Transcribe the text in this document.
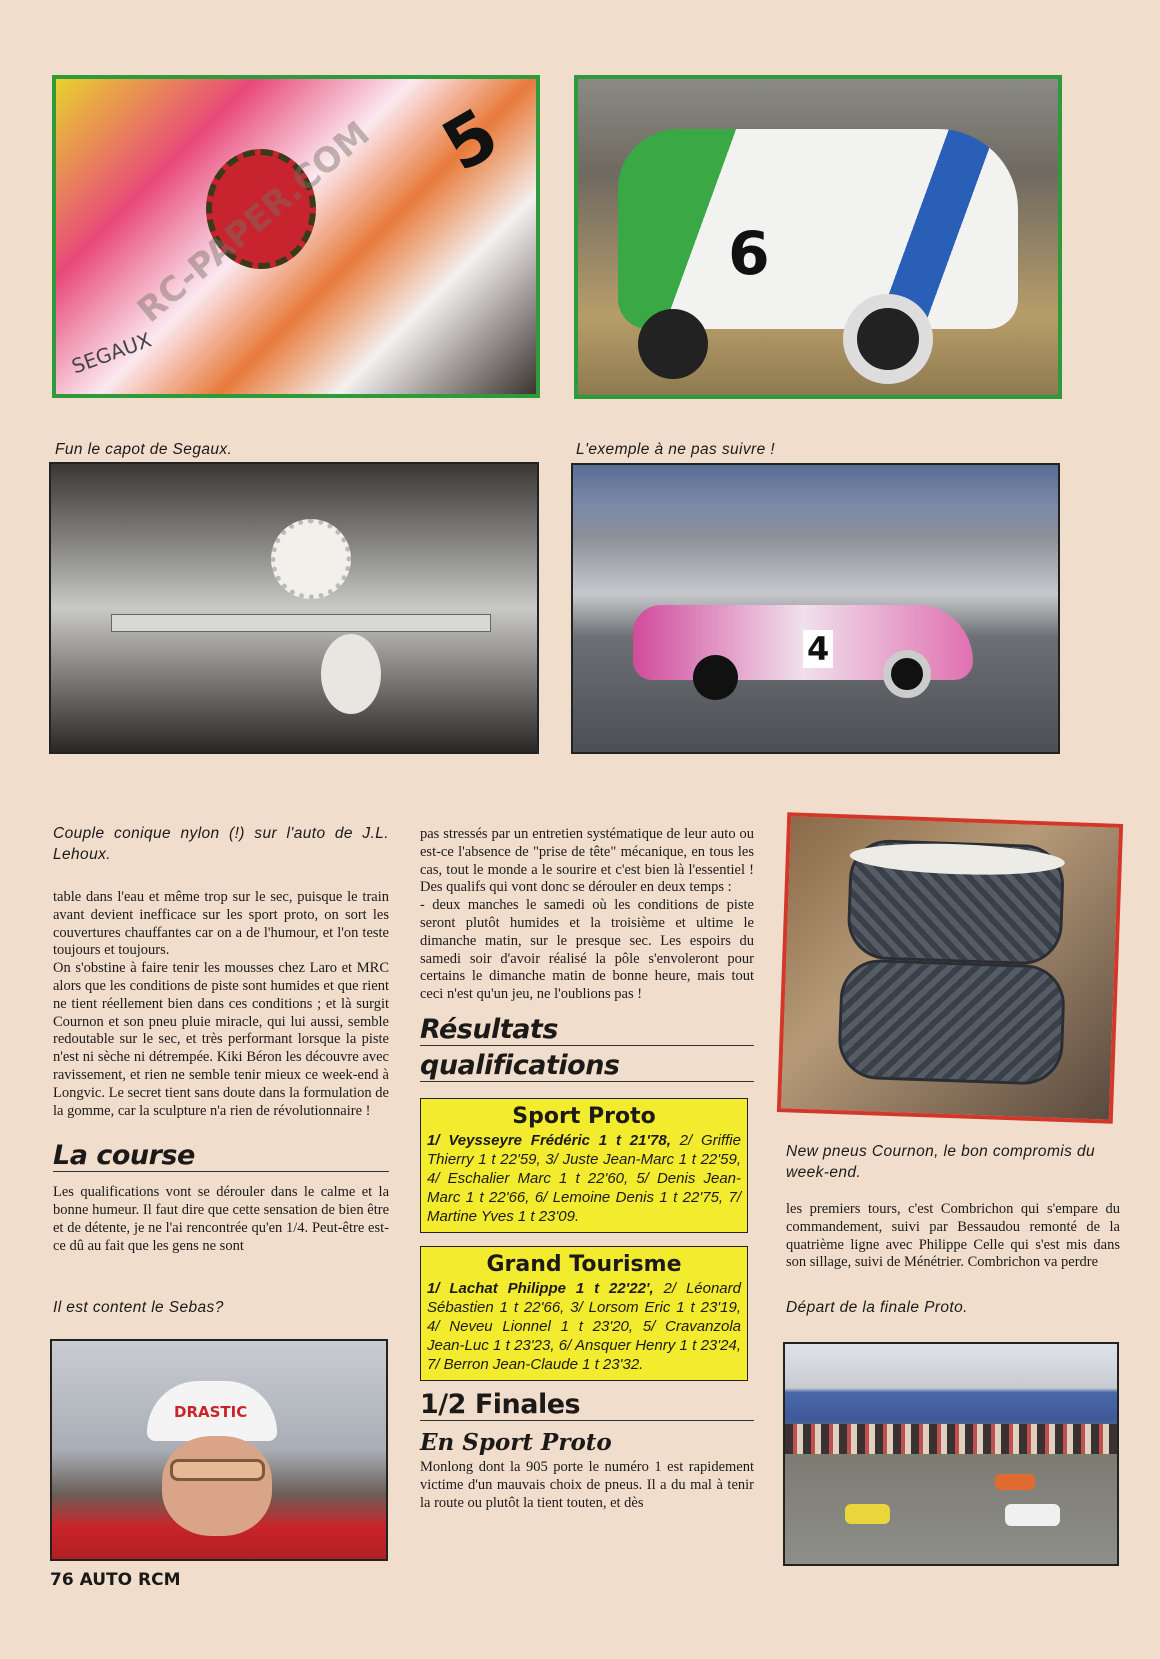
5
SEGAUX
RC-PAPER.COM
Fun le capot de Segaux.
6
L'exemple à ne pas suivre !
Couple conique nylon (!) sur l'auto de J.L. Lehoux.
4
New pneus Cournon, le bon compromis du week-end.

table dans l'eau et même trop sur le sec, puisque le train avant devient inefficace sur les sport proto, on sort les couvertures chauffantes car on a de l'humour, et l'on teste toujours et toujours.

On s'obstine à faire tenir les mousses chez Laro et MRC alors que les conditions de piste sont humides et que rient ne tient réellement bien dans ces conditions ; et là surgit Cournon et son pneu pluie miracle, qui lui aussi, semble redoutable sur le sec, et très performant lorsque la piste n'est ni sèche ni détrempée. Kiki Béron les découvre avec ravissement, et rien ne semble tenir mieux ce week-end à Longvic. Le secret tient sans doute dans la formulation de la gomme, car la sculpture n'a rien de révolutionnaire !

La course
Les qualifications vont se dérouler dans le calme et la bonne humeur. Il faut dire que cette sensation de bien être et de détente, je ne l'ai rencontrée qu'en 1/4. Peut-être est-ce dû au fait que les gens ne sont
Il est content le Sebas?
DRASTIC
76 AUTO RCM

pas stressés par un entretien systématique de leur auto ou est-ce l'absence de "prise de tête" mécanique, en tous les cas, tout le monde a le sourire et c'est bien là l'essentiel ! Des qualifs qui vont donc se dérouler en deux temps :

- deux manches le samedi où les conditions de piste seront plutôt humides et la troisième et ultime le dimanche matin, sur le presque sec. Les espoirs du samedi soir d'avoir réalisé la pôle s'envoleront pour certains le dimanche matin de bonne heure, mais tout ceci n'est qu'un jeu, ne l'oublions pas !

Résultats
qualifications
Sport Proto
1/ Veysseyre Frédéric 1 t 21'78, 2/ Griffie Thierry 1 t 22'59, 3/ Juste Jean-Marc 1 t 22'59, 4/ Eschalier Marc 1 t 22'60, 5/ Denis Jean-Marc 1 t 22'66, 6/ Lemoine Denis 1 t 22'75, 7/ Martine Yves 1 t 23'09.
Grand Tourisme
1/ Lachat Philippe 1 t 22'22', 2/ Léonard Sébastien 1 t 22'66, 3/ Lorsom Eric 1 t 23'19, 4/ Neveu Lionnel 1 t 23'20, 5/ Cravanzola Jean-Luc 1 t 23'23, 6/ Ansquer Henry 1 t 23'24, 7/ Berron Jean-Claude 1 t 23'32.
1/2 Finales
En Sport Proto
Monlong dont la 905 porte le numéro 1 est rapidement victime d'un mauvais choix de pneus. Il a du mal à tenir la route ou plutôt la tient touten, et dès
les premiers tours, c'est Combrichon qui s'empare du commandement, suivi par Bessaudou remonté de la quatrième ligne avec Philippe Celle qui s'est mis dans son sillage, suivi de Ménétrier. Combrichon va perdre
Départ de la finale Proto.
